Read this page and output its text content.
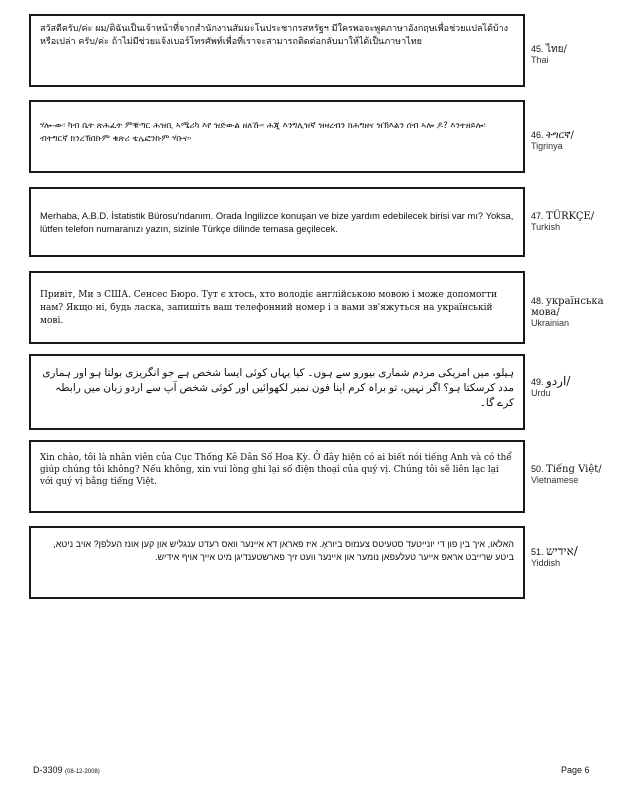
สวัสดีครับ/ค่ะ ผม/ดิฉันเป็นเจ้าหน้าที่จากสำนักงานสัมมะโนประชากรสหรัฐฯ มีใครพอจะพูดภาษาอังกฤษเพื่อช่วยแปลได้บ้างหรือเปล่า ครับ/ค่ะ ถ้าไม่มีช่วยแจ้งเบอร์โทรศัพท์เพื่อที่เราจะสามารถติดต่อกลับมาให้ได้เป็นภาษาไทย
45. ไทย/
Thai
ሃሎ-ው፡ ካብ ቤት ጽሕፈት ምቑጣር ሕዝቢ ኣሜሪካ እየ ዝድውል ዘለኹ። ሕጂ እንግሊዝኛ ዝዛረብን ክሕግዘና ዝኽእልን ሰብ ኣሎ ዶ? እንተዘይሎ፡ ብትግርኛ ክንረኽበኩም ቁጽሪ ቴሌፎንኩም ሃቡና።	46. ትግርኛ/
Tigrinya
Merhaba, A.B.D. İstatistik Bürosu'ndanım. Orada İngilizce konuşan ve bize yardım edebilecek birisi var mı? Yoksa, lütfen telefon numaranızı yazın, sizinle Türkçe dilinde temasa geçilecek.
47. TÜRKÇE/
Turkish
Привіт, Ми з США. Сенсес Бюро. Тут є хтось, хто володіє англійською мовою і може допомогти нам? Якщо ні, будь ласка, запишіть ваш телефонний номер і з вами зв'яжуться на українській мові.
48. українська мова/
Ukrainian
ہیلو، میں امریکی مردم شماری بیورو سے ہوں۔ کیا یہاں کوئی ایسا شخص ہے جو انگریزی بولتا ہو اور ہماری مدد کرسکتا ہو؟ اگر نہیں، تو براہ کرم اپنا فون نمبر لکھوائیں اور کوئی شخص آپ سے اردو زبان میں رابطہ کرے گا۔
49. اردو/
Urdu
Xin chào, tôi là nhân viên của Cục Thống Kê Dân Số Hoa Kỳ. Ở đây hiện có ai biết nói tiếng Anh và có thể giúp chúng tôi không? Nếu không, xin vui lòng ghi lại số điện thoại của quý vị. Chúng tôi sẽ liên lạc lại với quý vị bằng tiếng Việt.
50. Tiếng Việt/
Vietnamese
האלאו, איך בין פון די יונייטעד סטעיטס צענזוס ביוראָ. איז פאראן דא איינער וואס רעדט ענגליש און קען אונז העלפן? אויב ניטא, ביטע שרייבט אראפ אייער טעלעפאן נומער און איינער וועט זיך פארשטענדיגן מיט אייך אויף אידיש.	51. אידיש/
Yiddish
D-3309 (08-12-2008)	Page 6
